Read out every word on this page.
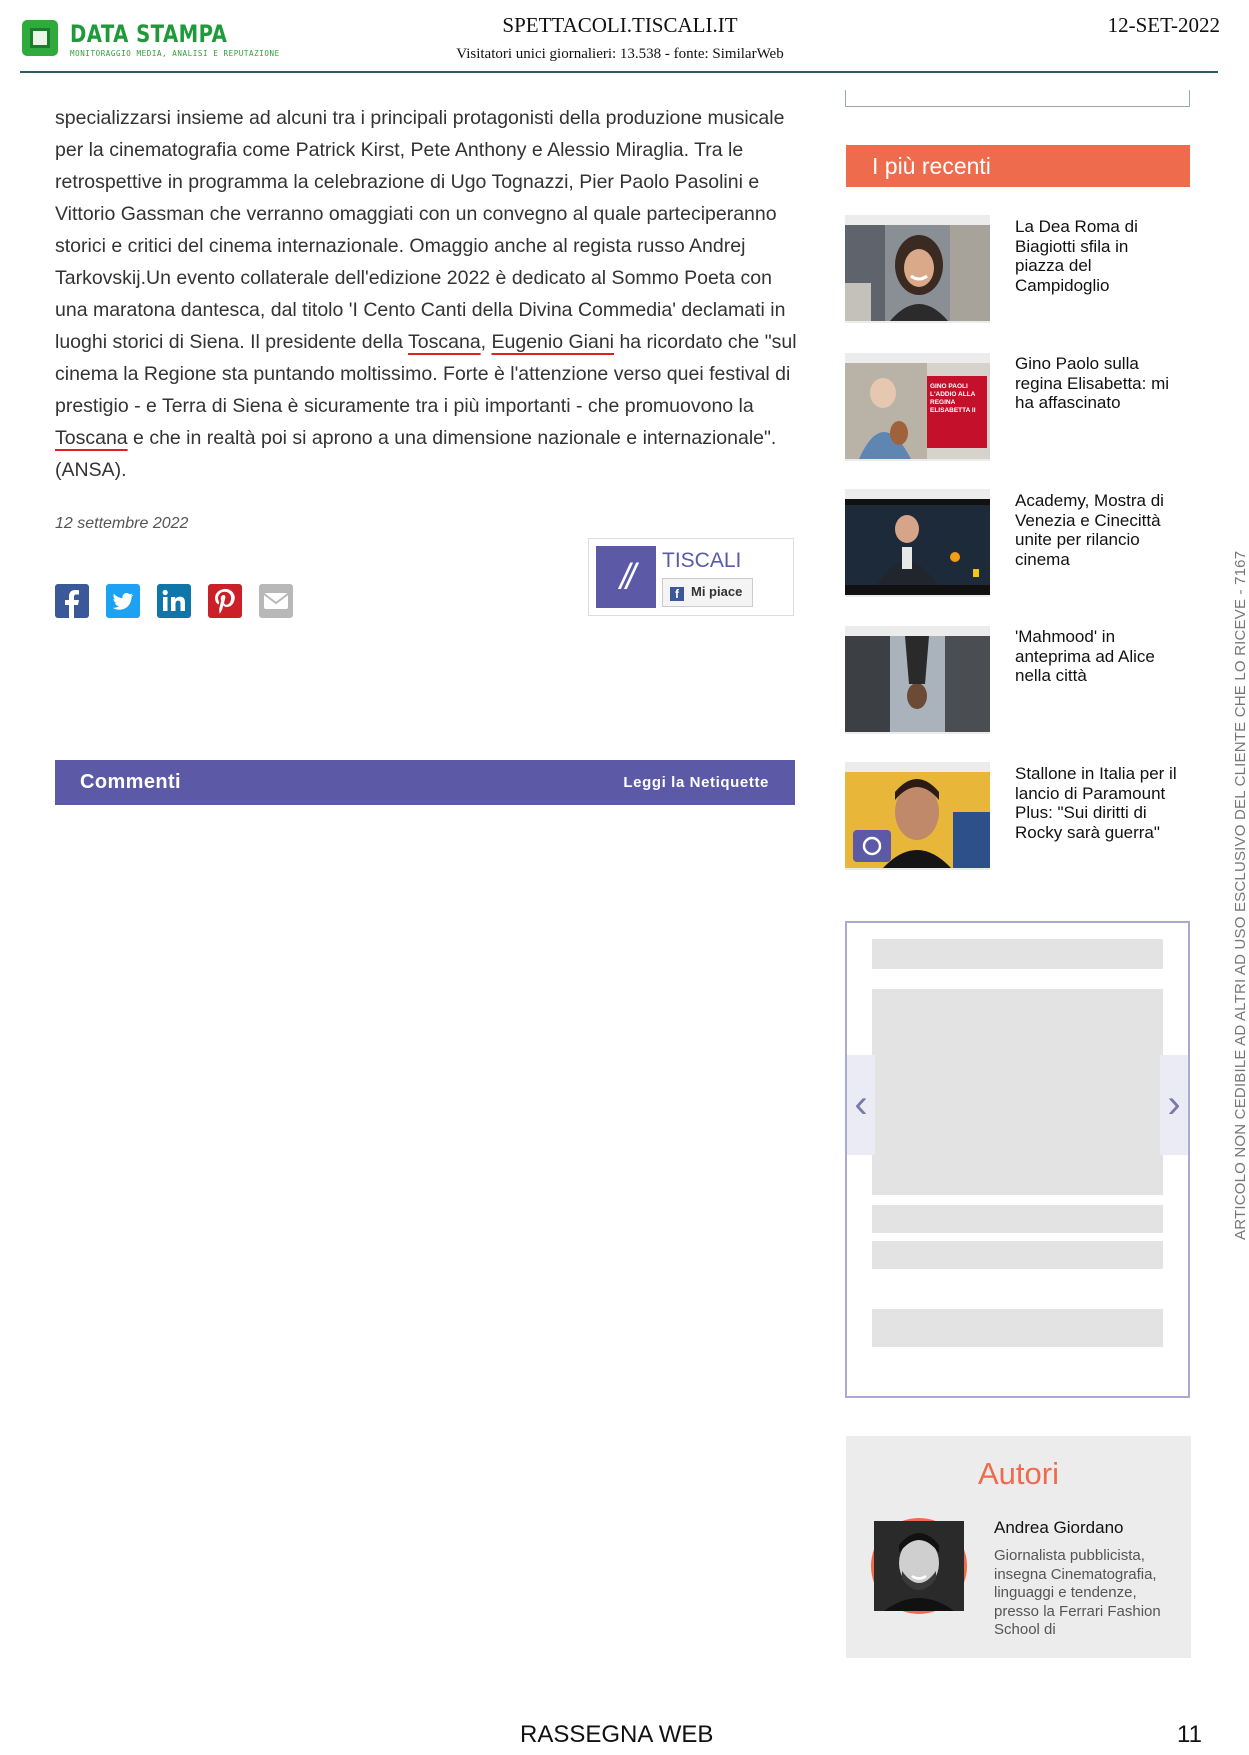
DATA STAMPA
MONITORAGGIO MEDIA, ANALISI E REPUTAZIONE
SPETTACOLI.TISCALI.IT
Visitatori unici giornalieri: 13.538 - fonte: SimilarWeb
12-SET-2022
specializzarsi insieme ad alcuni tra i principali protagonisti della produzione musicale per la cinematografia come Patrick Kirst, Pete Anthony e Alessio Miraglia. Tra le retrospettive in programma la celebrazione di Ugo Tognazzi, Pier Paolo Pasolini e Vittorio Gassman che verranno omaggiati con un convegno al quale parteciperanno storici e critici del cinema internazionale. Omaggio anche al regista russo Andrej Tarkovskij.Un evento collaterale dell'edizione 2022 è dedicato al Sommo Poeta con una maratona dantesca, dal titolo 'I Cento Canti della Divina Commedia' declamati in luoghi storici di Siena. Il presidente della Toscana, Eugenio Giani ha ricordato che "sul cinema la Regione sta puntando moltissimo. Forte è l'attenzione verso quei festival di prestigio - e Terra di Siena è sicuramente tra i più importanti - che promuovono la Toscana e che in realtà poi si aprono a una dimensione nazionale e internazionale". (ANSA).
12 settembre 2022
//	TISCALI
Mi piace
f
Commenti	Leggi la Netiquette
I più recenti
La Dea Roma di Biagiotti sfila in piazza del Campidoglio
GINO PAOLI L'ADDIO ALLA REGINA ELISABETTA II
Gino Paolo sulla regina Elisabetta: mi ha affascinato
Academy, Mostra di Venezia e Cinecittà unite per rilancio cinema
'Mahmood' in anteprima ad Alice nella città
Stallone in Italia per il lancio di Paramount Plus: "Sui diritti di Rocky sarà guerra"
‹	›
Autori
Andrea Giordano
Giornalista pubblicista, insegna Cinematografia, linguaggi e tendenze, presso la Ferrari Fashion School di
RASSEGNA WEB	11
ARTICOLO NON CEDIBILE AD ALTRI AD USO ESCLUSIVO DEL CLIENTE CHE LO RICEVE - 7167
